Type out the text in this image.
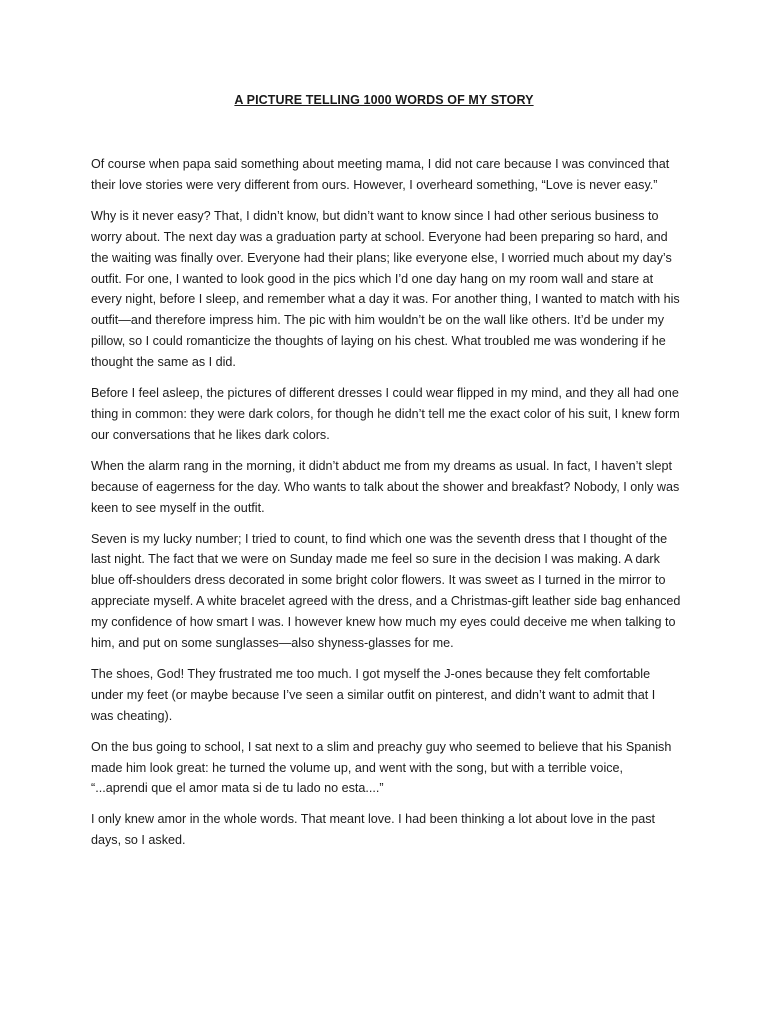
A PICTURE TELLING 1000 WORDS OF MY STORY

Of course when papa said something about meeting mama, I did not care because I was convinced that their love stories were very different from ours. However, I overheard something, “Love is never easy.”

Why is it never easy? That, I didn’t know, but didn’t want to know since I had other serious business to worry about. The next day was a graduation party at school. Everyone had been preparing so hard, and the waiting was finally over. Everyone had their plans; like everyone else, I worried much about my day’s outfit. For one, I wanted to look good in the pics which I’d one day hang on my room wall and stare at every night, before I sleep, and remember what a day it was. For another thing, I wanted to match with his outfit—and therefore impress him. The pic with him wouldn’t be on the wall like others. It’d be under my pillow, so I could romanticize the thoughts of laying on his chest. What troubled me was wondering if he thought the same as I did.

Before I feel asleep, the pictures of different dresses I could wear flipped in my mind, and they all had one thing in common: they were dark colors, for though he didn’t tell me the exact color of his suit, I knew form our conversations that he likes dark colors.

When the alarm rang in the morning, it didn’t abduct me from my dreams as usual. In fact, I haven’t slept because of eagerness for the day. Who wants to talk about the shower and breakfast? Nobody, I only was keen to see myself in the outfit.

Seven is my lucky number; I tried to count, to find which one was the seventh dress that I thought of the last night. The fact that we were on Sunday made me feel so sure in the decision I was making. A dark blue off-shoulders dress decorated in some bright color flowers. It was sweet as I turned in the mirror to appreciate myself. A white bracelet agreed with the dress, and a Christmas-gift leather side bag enhanced my confidence of how smart I was. I however knew how much my eyes could deceive me when talking to him, and put on some sunglasses—also shyness-glasses for me.

The shoes, God! They frustrated me too much. I got myself the J-ones because they felt comfortable under my feet (or maybe because I’ve seen a similar outfit on pinterest, and didn’t want to admit that I was cheating).

On the bus going to school, I sat next to a slim and preachy guy who seemed to believe that his Spanish made him look great: he turned the volume up, and went with the song, but with a terrible voice, “...aprendi que el amor mata si de tu lado no esta....”

I only knew amor in the whole words. That meant love. I had been thinking a lot about love in the past days, so I asked.
